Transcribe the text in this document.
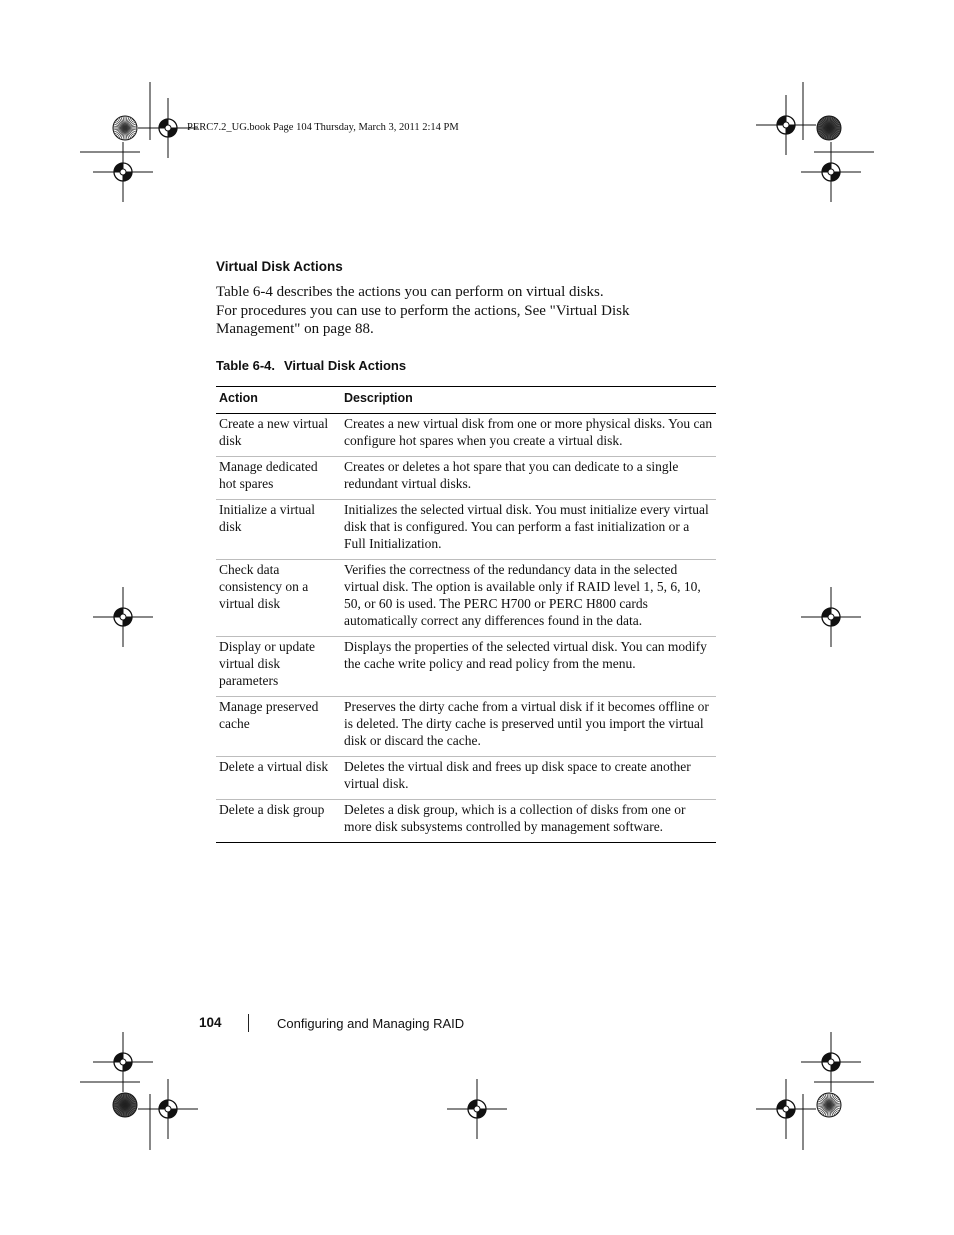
PERC7.2_UG.book Page 104 Thursday, March 3, 2011 2:14 PM
Virtual Disk Actions

Table 6-4 describes the actions you can perform on virtual disks.

For procedures you can use to perform the actions, See "Virtual Disk Management" on page 88.

Table 6-4. Virtual Disk Actions
Action	Description
Create a new virtual disk	Creates a new virtual disk from one or more physical disks. You can configure hot spares when you create a virtual disk.
Manage dedicated hot spares	Creates or deletes a hot spare that you can dedicate to a single redundant virtual disks.
Initialize a virtual disk	Initializes the selected virtual disk. You must initialize every virtual disk that is configured. You can perform a fast initialization or a Full Initialization.
Check data consistency on a virtual disk	Verifies the correctness of the redundancy data in the selected virtual disk. The option is available only if RAID level 1, 5, 6, 10, 50, or 60 is used. The PERC H700 or PERC H800 cards automatically correct any differences found in the data.
Display or update virtual disk parameters	Displays the properties of the selected virtual disk. You can modify the cache write policy and read policy from the menu.
Manage preserved cache	Preserves the dirty cache from a virtual disk if it becomes offline or is deleted. The dirty cache is preserved until you import the virtual disk or discard the cache.
Delete a virtual disk	Deletes the virtual disk and frees up disk space to create another virtual disk.
Delete a disk group	Deletes a disk group, which is a collection of disks from one or more disk subsystems controlled by management software.
104	Configuring and Managing RAID
